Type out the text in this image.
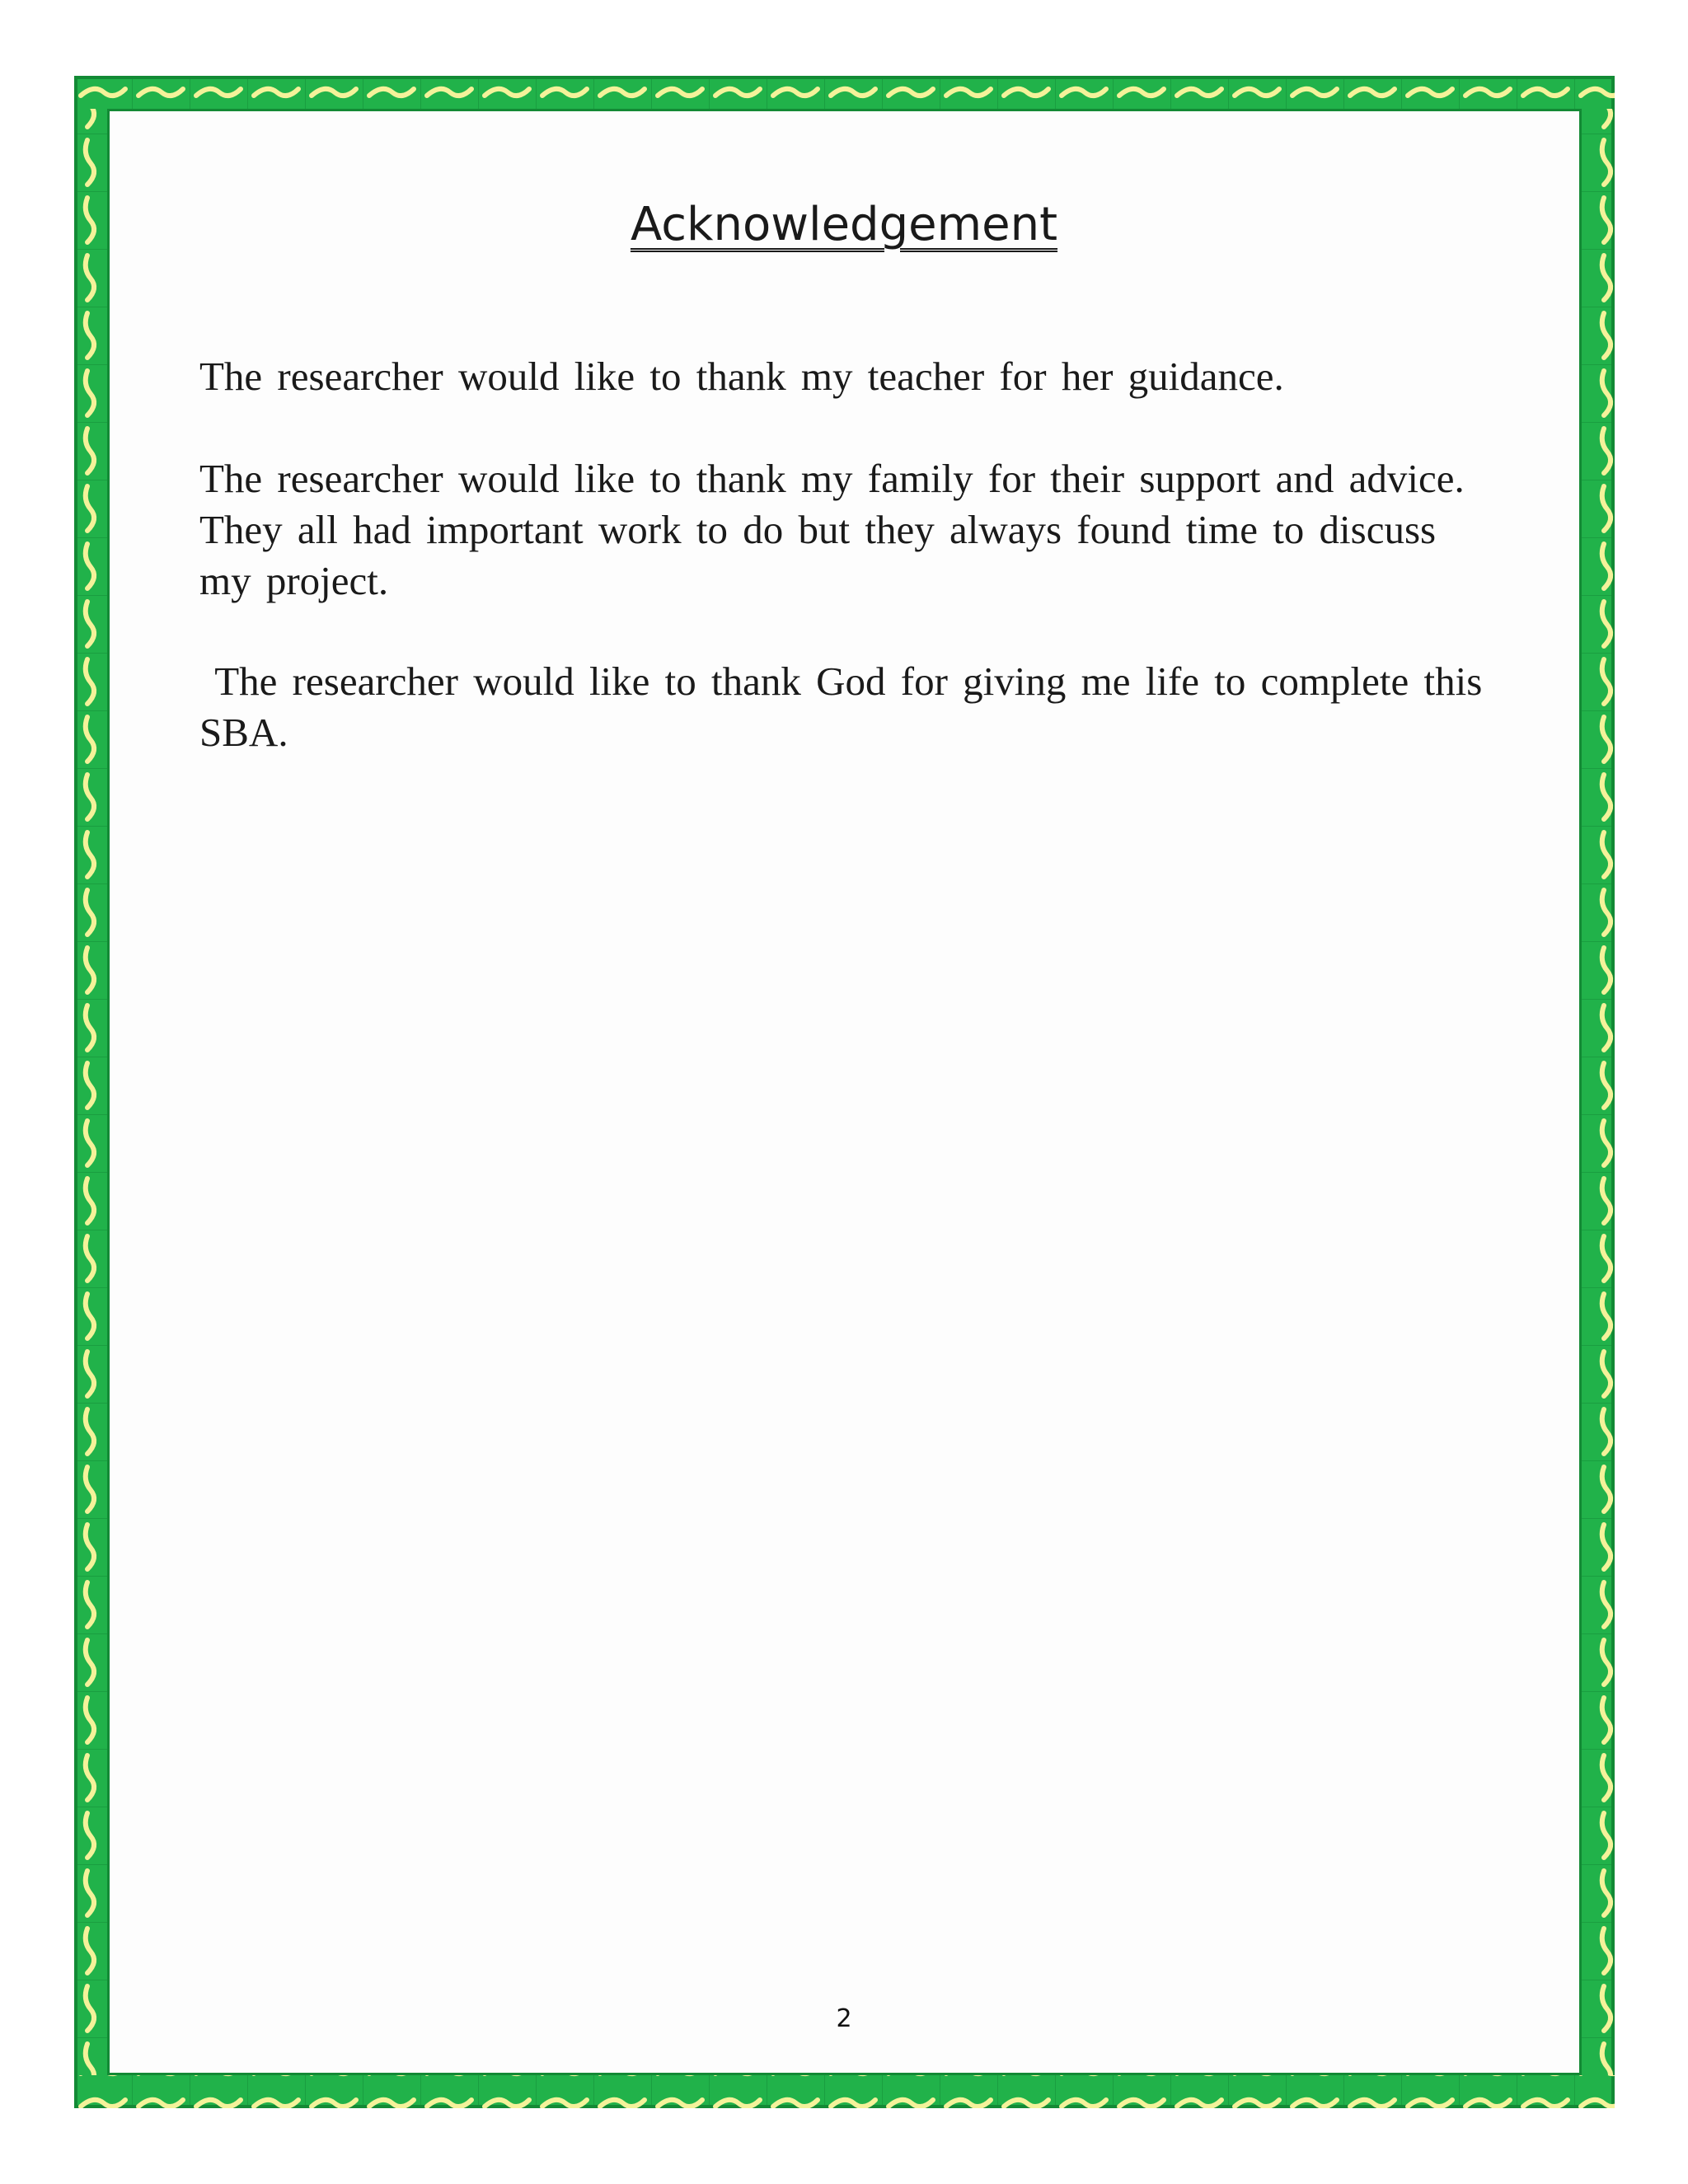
Acknowledgement
The researcher would like to thank my teacher for her guidance.
The researcher would like to thank my family for their support and advice. They all had important work to do but they always found time to discuss my project.
The researcher would like to thank God for giving me life to complete this SBA.
2
